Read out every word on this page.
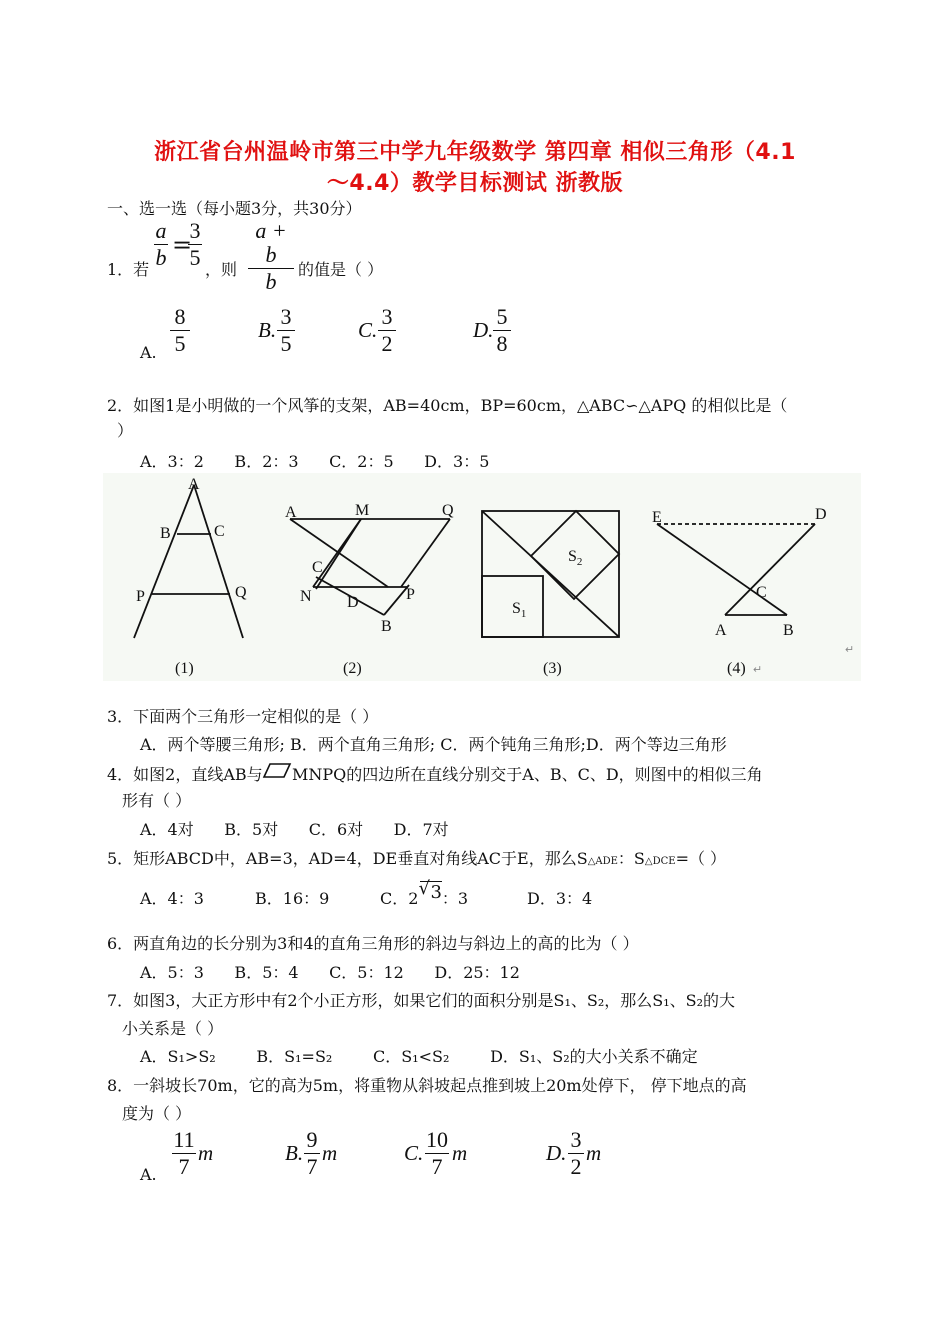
浙江省台州温岭市第三中学九年级数学 第四章 相似三角形（4.1
～4.4）教学目标测试 浙教版
一、选一选（每小题3分，共30分）
a
b =
3
5
a + b
b
1．若	，则	的值是（ ）
A.
8
5
B.
3
5
C.
3
2
D.
5
8
2．如图1是小明做的一个风筝的支架，AB=40cm，BP=60cm，△ABC∽△APQ 的相似比是（
）
A．3：2      B．2：3      C．2：5      D．3：5
A
B	C
P	Q
(1)
A	M	Q
C
N D	P
B
(2)
$S_2$
$S_1$
(3)
E	D
C
A	B
(4) ↵
↵
3．下面两个三角形一定相似的是（ ）
A．两个等腰三角形; B．两个直角三角形; C．两个钝角三角形;D．两个等边三角形
4．如图2，直线AB与 MNPQ的四边所在直线分别交于A、B、C、D，则图中的相似三角
形有（ ）
A．4对      B．5对      C．6对      D．7对
5．矩形ABCD中，AB=3，AD=4，DE垂直对角线AC于E，那么S△ADE：S△DCE=（ ）
A．4：3	B．16：9	C．2 √ 3：3	D．3：4
6．两直角边的长分别为3和4的直角三角形的斜边与斜边上的高的比为（ ）
A．5：3      B．5：4      C．5：12      D．25：12
7．如图3，大正方形中有2个小正方形，如果它们的面积分别是S₁、S₂，那么S₁、S₂的大
小关系是（ ）
A．S₁>S₂        B．S₁=S₂        C．S₁<S₂        D．S₁、S₂的大小关系不确定
8．一斜坡长70m，它的高为5m，将重物从斜坡起点推到坡上20m处停下， 停下地点的高
度为（ ）
A.
11
7
m	B.
9
7
m	C.
10
7
m	D.
3
2
m
